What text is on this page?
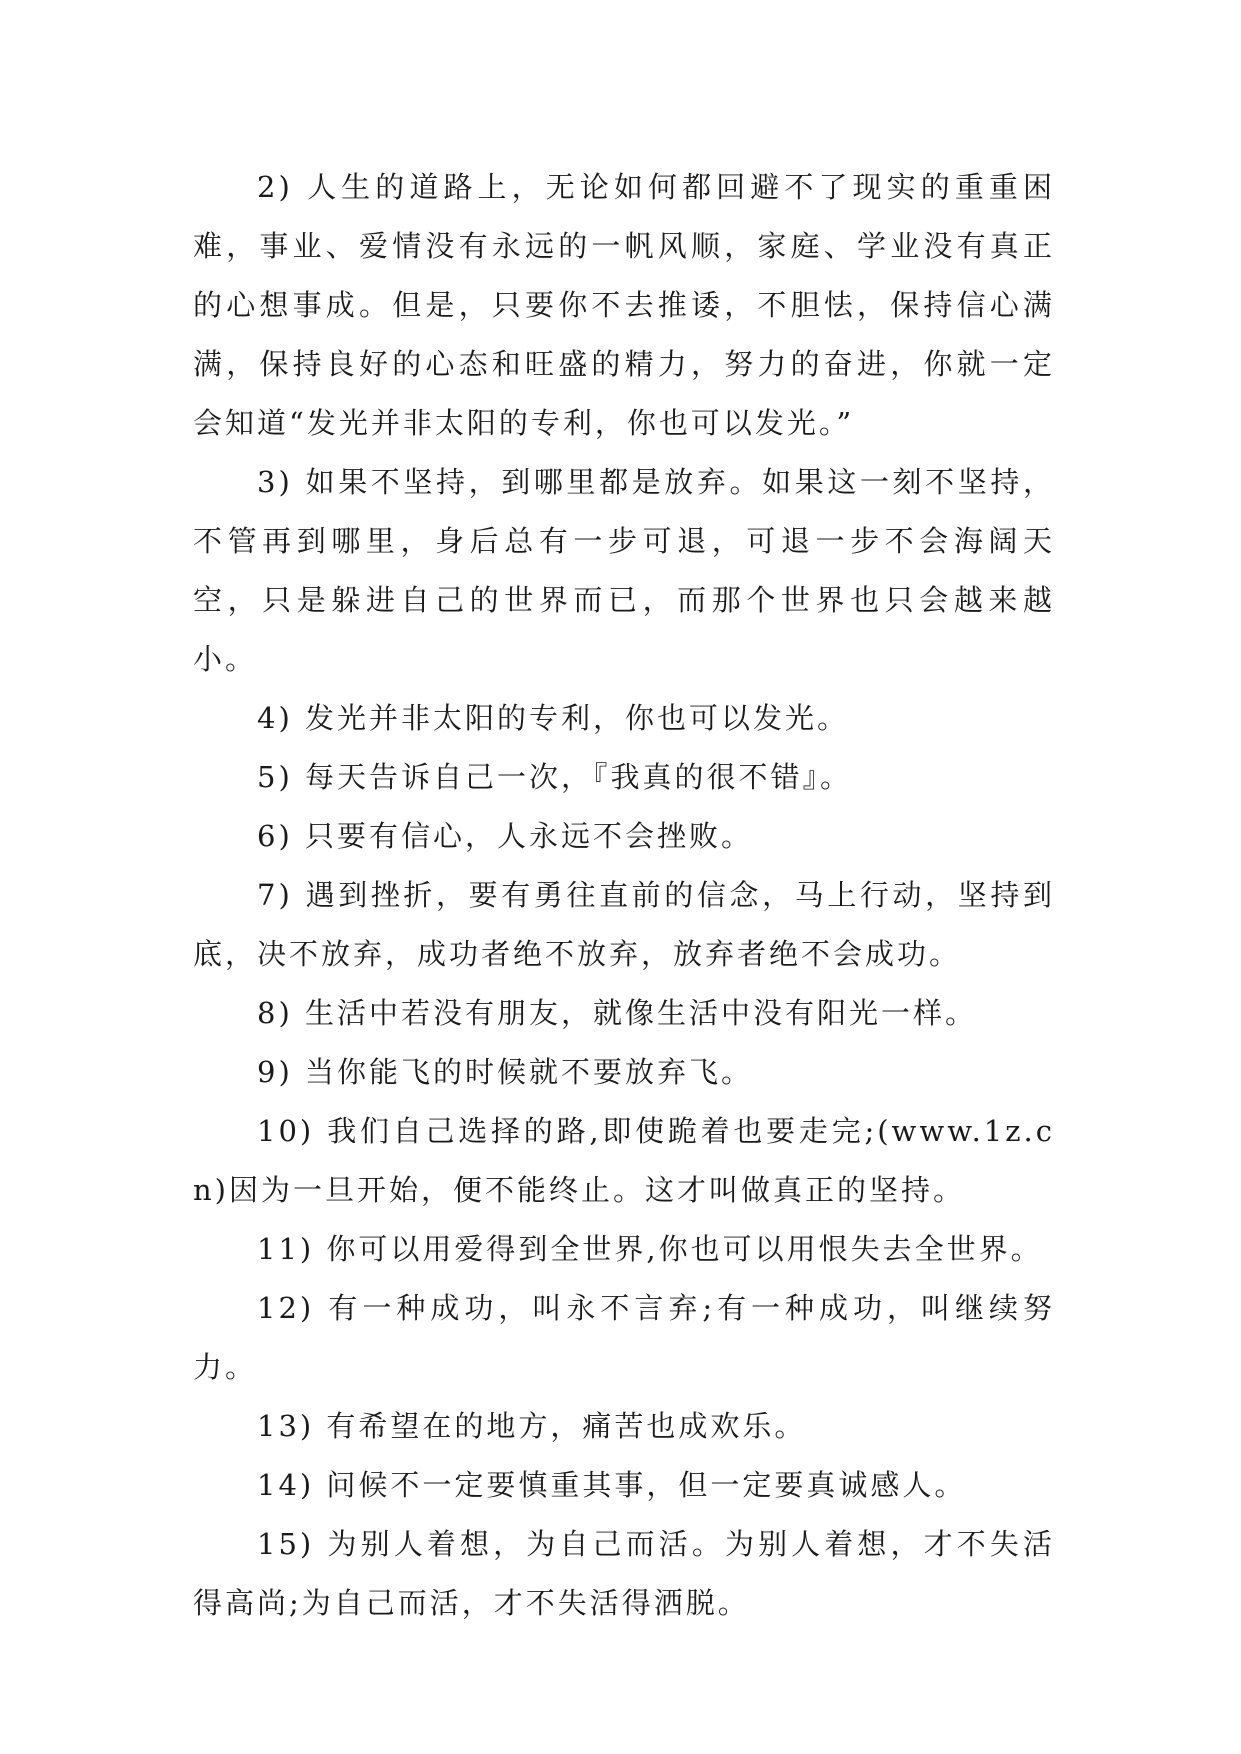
2) 人生的道路上，无论如何都回避不了现实的重重困难，事业、爱情没有永远的一帆风顺，家庭、学业没有真正的心想事成。但是，只要你不去推诿，不胆怯，保持信心满满，保持良好的心态和旺盛的精力，努力的奋进，你就一定会知道“发光并非太阳的专利，你也可以发光。”

3) 如果不坚持，到哪里都是放弃。如果这一刻不坚持，不管再到哪里，身后总有一步可退，可退一步不会海阔天空，只是躲进自己的世界而已，而那个世界也只会越来越小。

4) 发光并非太阳的专利，你也可以发光。

5) 每天告诉自己一次，『我真的很不错』。

6) 只要有信心，人永远不会挫败。

7) 遇到挫折，要有勇往直前的信念，马上行动，坚持到底，决不放弃，成功者绝不放弃，放弃者绝不会成功。

8) 生活中若没有朋友，就像生活中没有阳光一样。

9) 当你能飞的时候就不要放弃飞。

10) 我们自己选择的路,即使跪着也要走完;(www.1z.cn)因为一旦开始，便不能终止。这才叫做真正的坚持。

11) 你可以用爱得到全世界,你也可以用恨失去全世界。

12) 有一种成功，叫永不言弃;有一种成功，叫继续努力。

13) 有希望在的地方，痛苦也成欢乐。

14) 问候不一定要慎重其事，但一定要真诚感人。

15) 为别人着想，为自己而活。为别人着想，才不失活得高尚;为自己而活，才不失活得洒脱。
